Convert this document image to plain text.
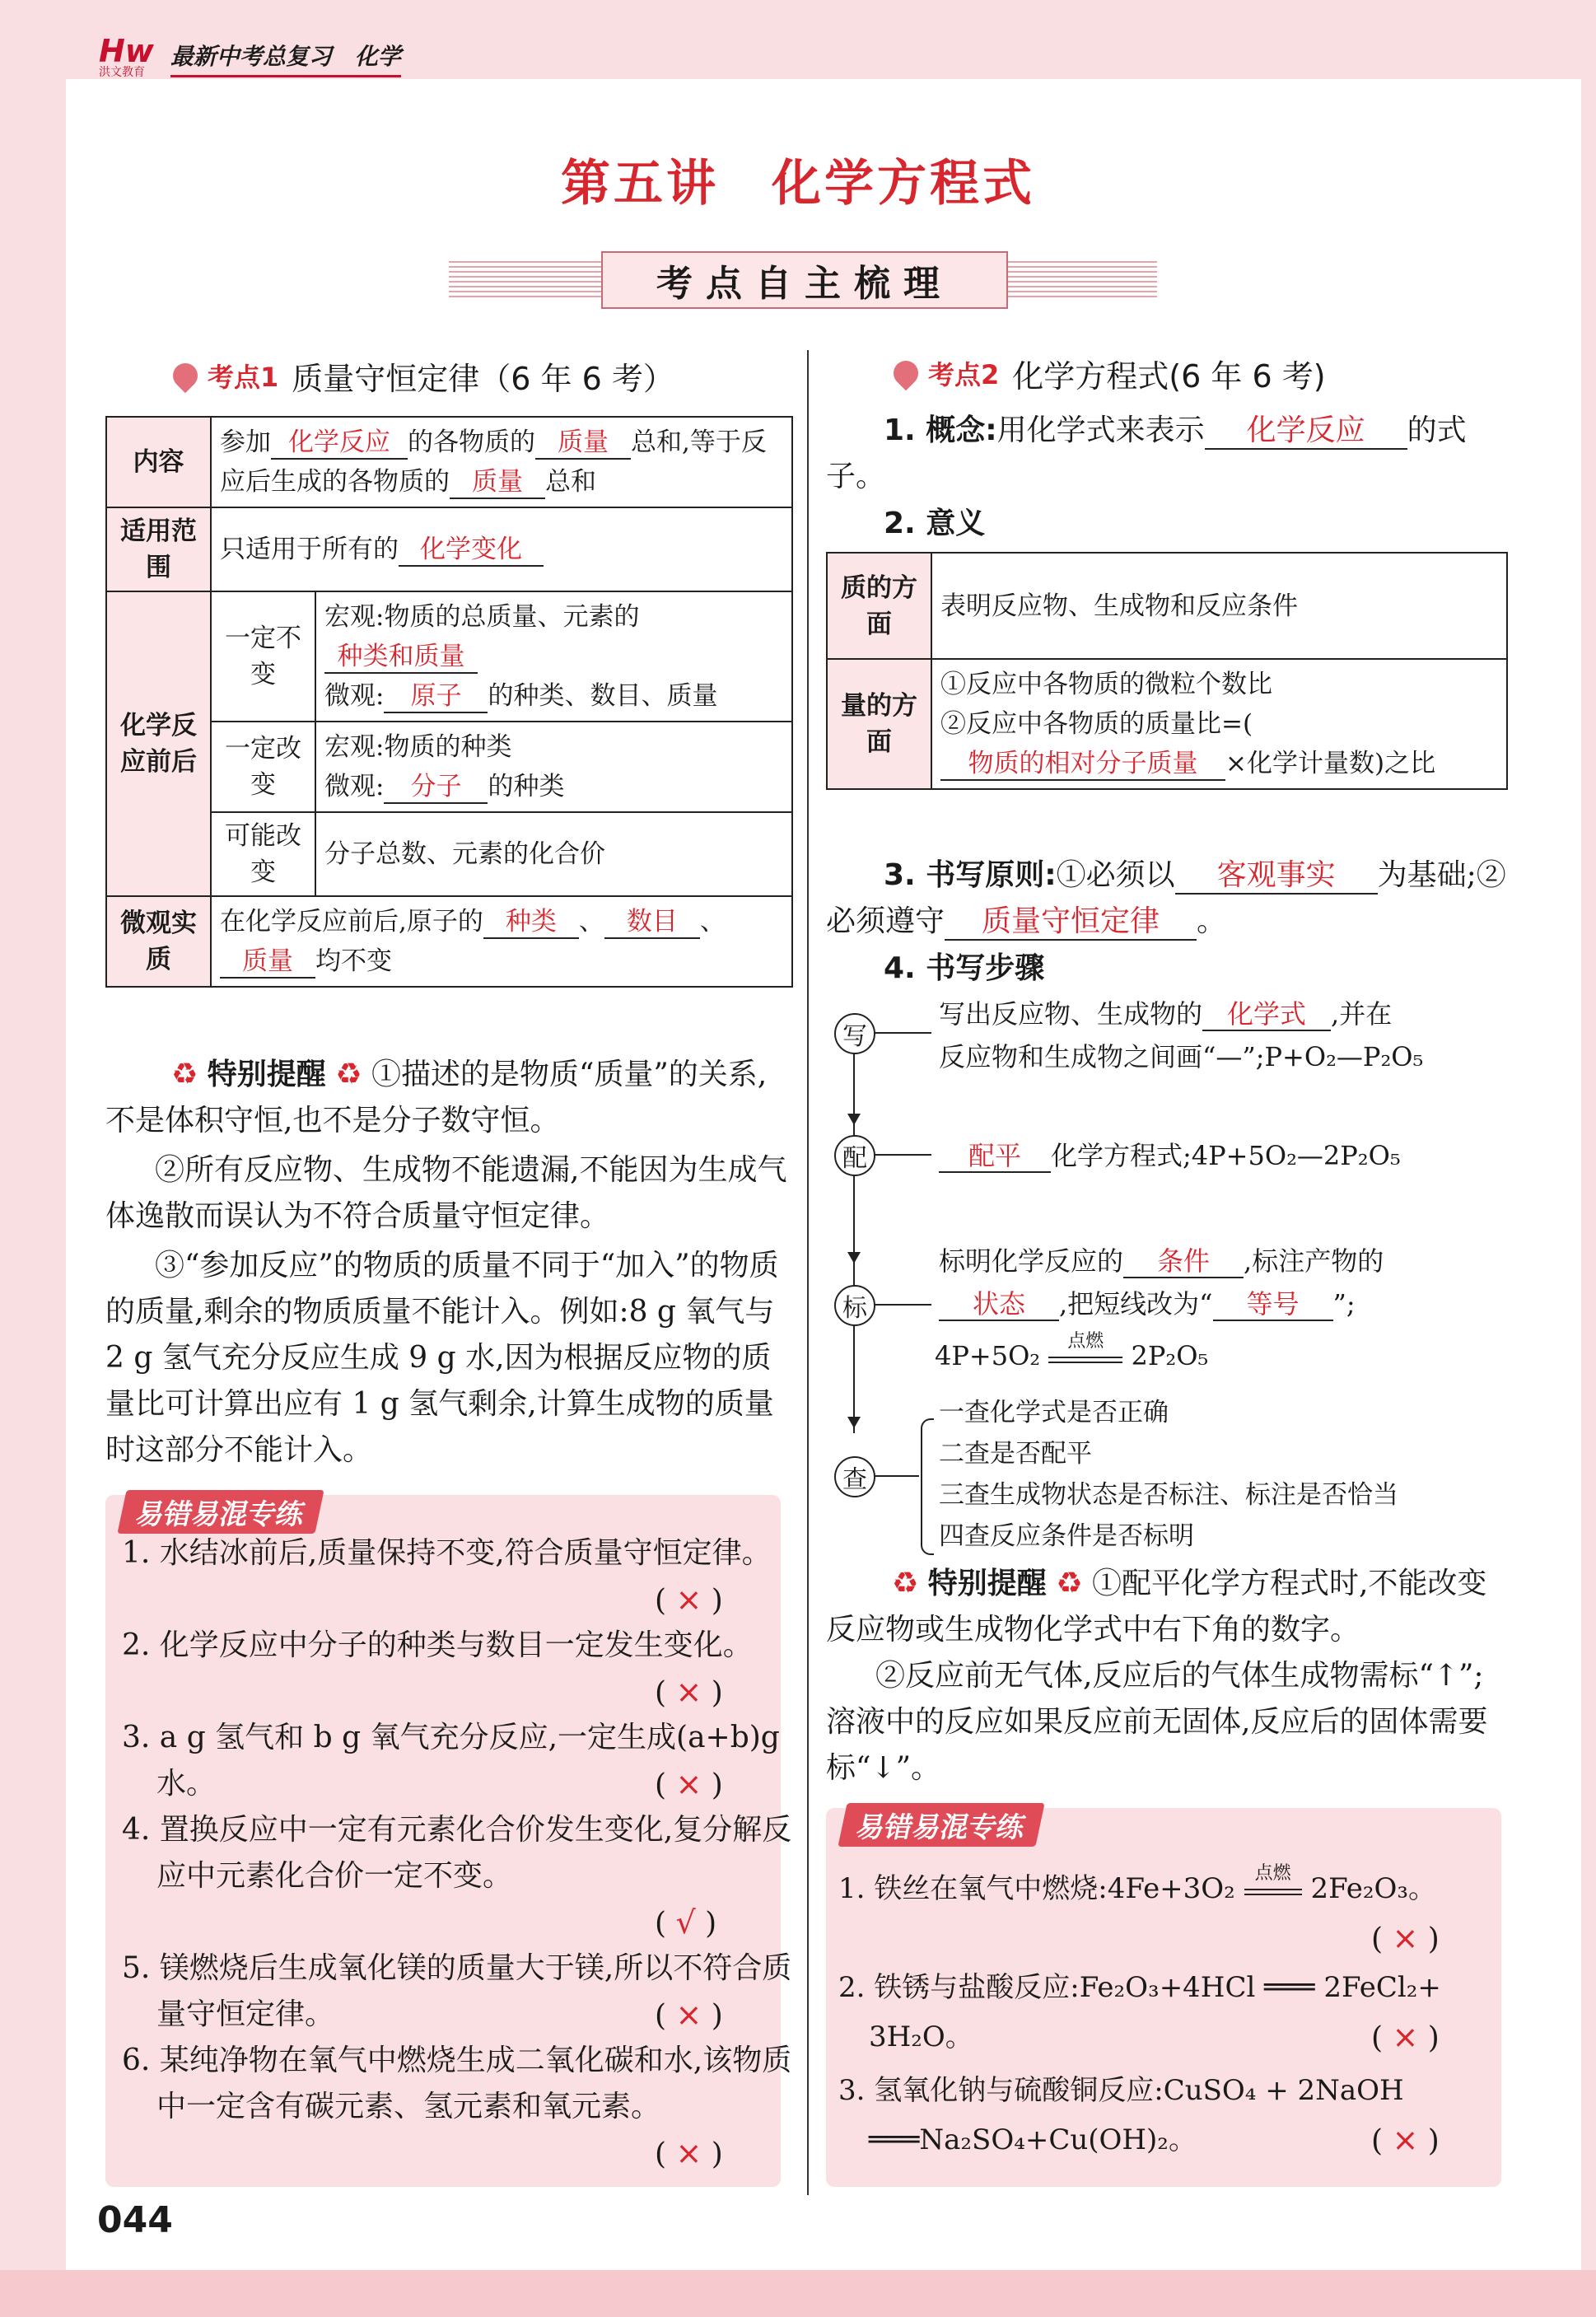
Hw
洪文教育
最新中考总复习　化学
第五讲　化学方程式
考点自主梳理
考点1 质量守恒定律（6 年 6 考）
内容	参加 化学反应 的各物质的 质量 总和,等于反应后生成的各物质的 质量 总和	
适用范围	只适用于所有的 化学变化	
化学反应前后	一定不变	宏观:物质的总质量、元素的种类和质量
微观: 原子 的种类、数目、质量
	一定改变	宏观:物质的种类
微观: 分子 的种类
	可能改变	分子总数、元素的化合价
微观实质	在化学反应前后,原子的 种类 、 数目 、质量 均不变	
♻ 特别提醒 ♻ ①描述的是物质“质量”的关系,不是体积守恒,也不是分子数守恒。
②所有反应物、生成物不能遗漏,不能因为生成气体逸散而误认为不符合质量守恒定律。
③“参加反应”的物质的质量不同于“加入”的物质的质量,剩余的物质质量不能计入。例如:8 g 氧气与 2 g 氢气充分反应生成 9 g 水,因为根据反应物的质量比可计算出应有 1 g 氢气剩余,计算生成物的质量时这部分不能计入。
易错易混专练
1. 水结冰前后,质量保持不变,符合质量守恒定律。
( × )
2. 化学反应中分子的种类与数目一定发生变化。
( × )
3. a g 氢气和 b g 氧气充分反应,一定生成(a+b)g 水。	( × )
4. 置换反应中一定有元素化合价发生变化,复分解反应中元素化合价一定不变。
( √ )
5. 镁燃烧后生成氧化镁的质量大于镁,所以不符合质量守恒定律。	( × )
6. 某纯净物在氧气中燃烧生成二氧化碳和水,该物质中一定含有碳元素、氢元素和氧元素。
( × )
考点2 化学方程式(6 年 6 考)
1. 概念:用化学式来表示 化学反应 的式子。
2. 意义
质的方面	表明反应物、生成物和反应条件
量的方面	①反应中各物质的微粒个数比
②反应中各物质的质量比=(物质的相对分子质量 ×化学计量数)之比
3. 书写原则:①必须以 客观事实 为基础;②必须遵守 质量守恒定律 。
4. 书写步骤
写
写出反应物、生成物的 化学式 ,并在
反应物和生成物之间画“—”;P+O₂—P₂O₅
配	配平 化学方程式;4P+5O₂—2P₂O₅
标
标明化学反应的 条件 ,标注产物的
状态 ,把短线改为“ 等号 ”;
4P+5O₂	点燃	2P₂O₅
查
一查化学式是否正确
二查是否配平
三查生成物状态是否标注、标注是否恰当
四查反应条件是否标明
♻ 特别提醒 ♻ ①配平化学方程式时,不能改变反应物或生成物化学式中右下角的数字。
②反应前无气体,反应后的气体生成物需标“↑”;溶液中的反应如果反应前无固体,反应后的固体需要标“↓”。
易错易混专练
1. 铁丝在氧气中燃烧:4Fe+3O₂	点燃 2Fe₂O₃。
( × )
2. 铁锈与盐酸反应:Fe₂O₃+4HCl ═══ 2FeCl₂+
3H₂O。	( × )
3. 氢氧化钠与硫酸铜反应:CuSO₄ + 2NaOH
═══Na₂SO₄+Cu(OH)₂。	( × )
044
